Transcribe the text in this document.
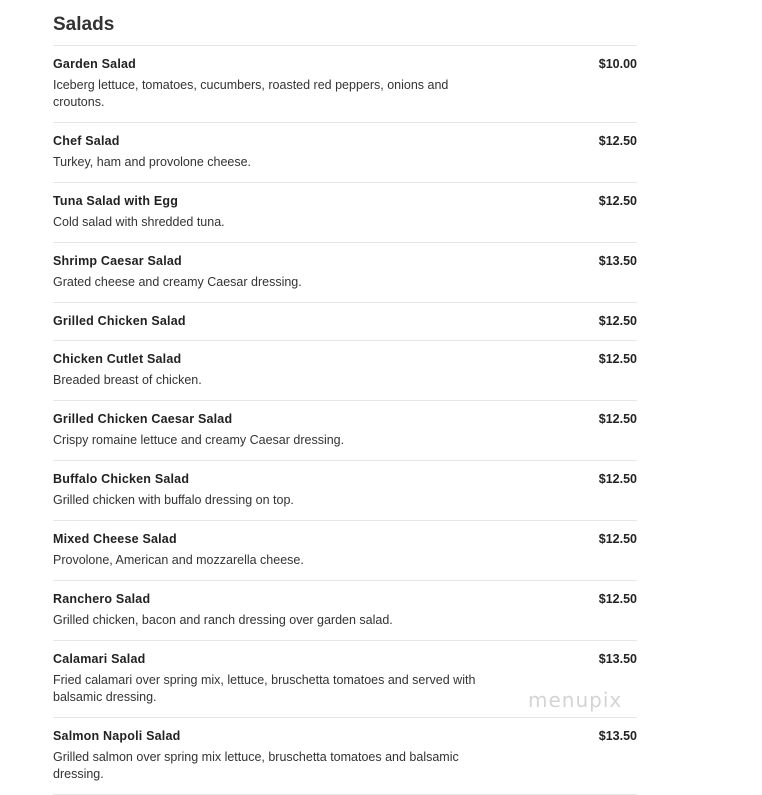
Salads
Garden Salad	$10.00
Iceberg lettuce, tomatoes, cucumbers, roasted red peppers, onions and croutons.
Chef Salad	$12.50
Turkey, ham and provolone cheese.
Tuna Salad with Egg	$12.50
Cold salad with shredded tuna.
Shrimp Caesar Salad	$13.50
Grated cheese and creamy Caesar dressing.
Grilled Chicken Salad	$12.50
Chicken Cutlet Salad	$12.50
Breaded breast of chicken.
Grilled Chicken Caesar Salad	$12.50
Crispy romaine lettuce and creamy Caesar dressing.
Buffalo Chicken Salad	$12.50
Grilled chicken with buffalo dressing on top.
Mixed Cheese Salad	$12.50
Provolone, American and mozzarella cheese.
Ranchero Salad	$12.50
Grilled chicken, bacon and ranch dressing over garden salad.
Calamari Salad	$13.50
Fried calamari over spring mix, lettuce, bruschetta tomatoes and served with balsamic dressing.
Salmon Napoli Salad	$13.50
Grilled salmon over spring mix lettuce, bruschetta tomatoes and balsamic dressing.
menupix
